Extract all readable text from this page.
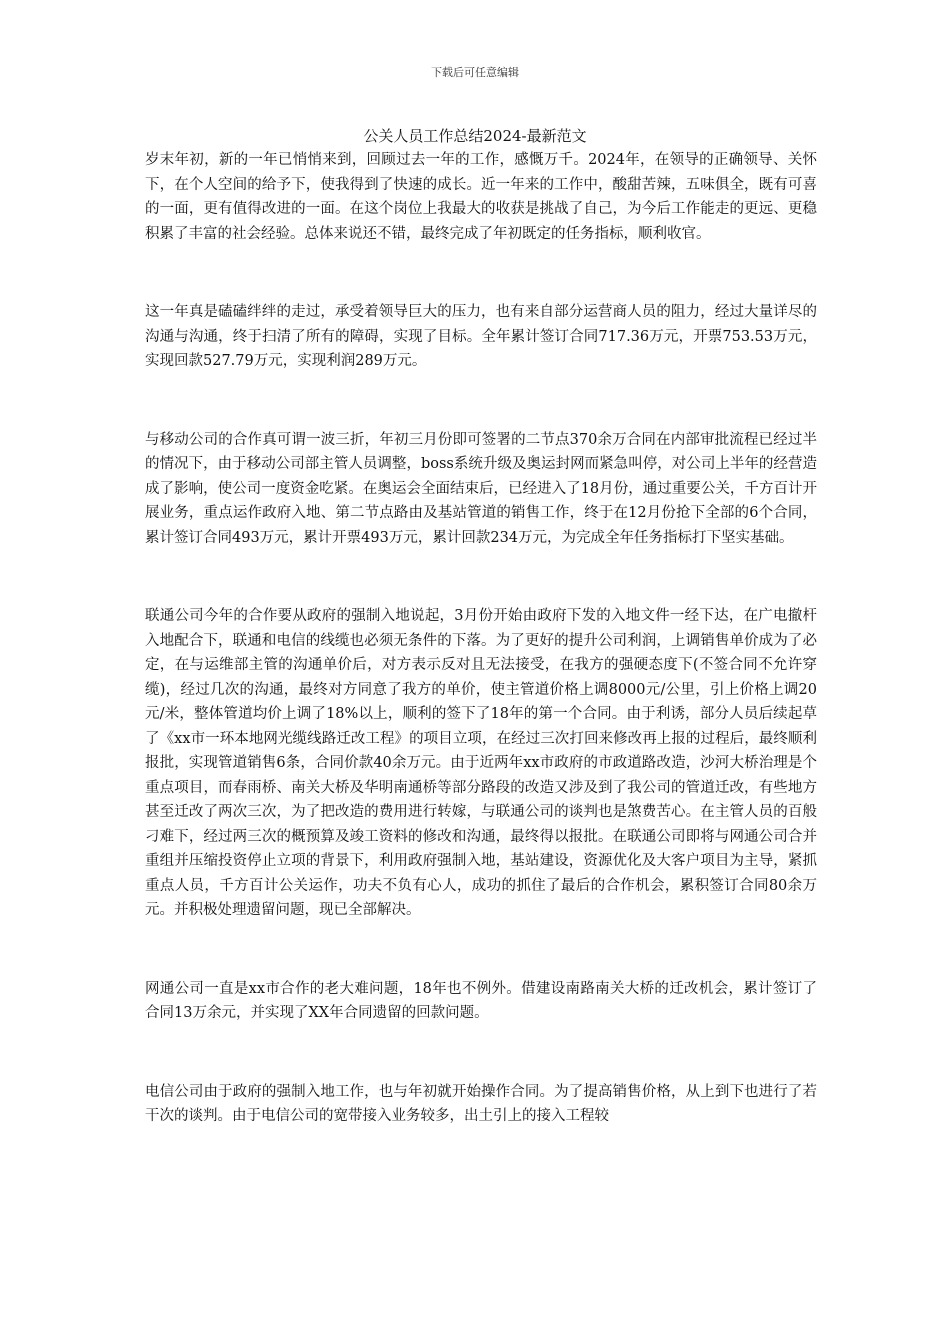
下载后可任意编辑
公关人员工作总结2024-最新范文

岁末年初，新的一年已悄悄来到，回顾过去一年的工作，感慨万千。2024年，在领导的正确领导、关怀下，在个人空间的给予下，使我得到了快速的成长。近一年来的工作中，酸甜苦辣，五味俱全，既有可喜的一面，更有值得改进的一面。在这个岗位上我最大的收获是挑战了自己，为今后工作能走的更远、更稳积累了丰富的社会经验。总体来说还不错，最终完成了年初既定的任务指标，顺利收官。

这一年真是磕磕绊绊的走过，承受着领导巨大的压力，也有来自部分运营商人员的阻力，经过大量详尽的沟通与沟通，终于扫清了所有的障碍，实现了目标。全年累计签订合同717.36万元，开票753.53万元，实现回款527.79万元，实现利润289万元。

与移动公司的合作真可谓一波三折，年初三月份即可签署的二节点370余万合同在内部审批流程已经过半的情况下，由于移动公司部主管人员调整，boss系统升级及奥运封网而紧急叫停，对公司上半年的经营造成了影响，使公司一度资金吃紧。在奥运会全面结束后，已经进入了18月份，通过重要公关，千方百计开展业务，重点运作政府入地、第二节点路由及基站管道的销售工作，终于在12月份抢下全部的6个合同，累计签订合同493万元，累计开票493万元，累计回款234万元，为完成全年任务指标打下坚实基础。

联通公司今年的合作要从政府的强制入地说起，3月份开始由政府下发的入地文件一经下达，在广电撤杆入地配合下，联通和电信的线缆也必须无条件的下落。为了更好的提升公司利润，上调销售单价成为了必定，在与运维部主管的沟通单价后，对方表示反对且无法接受，在我方的强硬态度下(不签合同不允许穿缆)，经过几次的沟通，最终对方同意了我方的单价，使主管道价格上调8000元/公里，引上价格上调20元/米，整体管道均价上调了18%以上，顺利的签下了18年的第一个合同。由于利诱，部分人员后续起草了《xx市一环本地网光缆线路迁改工程》的项目立项，在经过三次打回来修改再上报的过程后，最终顺利报批，实现管道销售6条，合同价款40余万元。由于近两年xx市政府的市政道路改造，沙河大桥治理是个重点项目，而春雨桥、南关大桥及华明南通桥等部分路段的改造又涉及到了我公司的管道迁改，有些地方甚至迁改了两次三次，为了把改造的费用进行转嫁，与联通公司的谈判也是煞费苦心。在主管人员的百般刁难下，经过两三次的概预算及竣工资料的修改和沟通，最终得以报批。在联通公司即将与网通公司合并重组并压缩投资停止立项的背景下，利用政府强制入地，基站建设，资源优化及大客户项目为主导，紧抓重点人员，千方百计公关运作，功夫不负有心人，成功的抓住了最后的合作机会，累积签订合同80余万元。并积极处理遗留问题，现已全部解决。

网通公司一直是xx市合作的老大难问题，18年也不例外。借建设南路南关大桥的迁改机会，累计签订了合同13万余元，并实现了XX年合同遗留的回款问题。

电信公司由于政府的强制入地工作，也与年初就开始操作合同。为了提高销售价格，从上到下也进行了若干次的谈判。由于电信公司的宽带接入业务较多，出土引上的接入工程较
